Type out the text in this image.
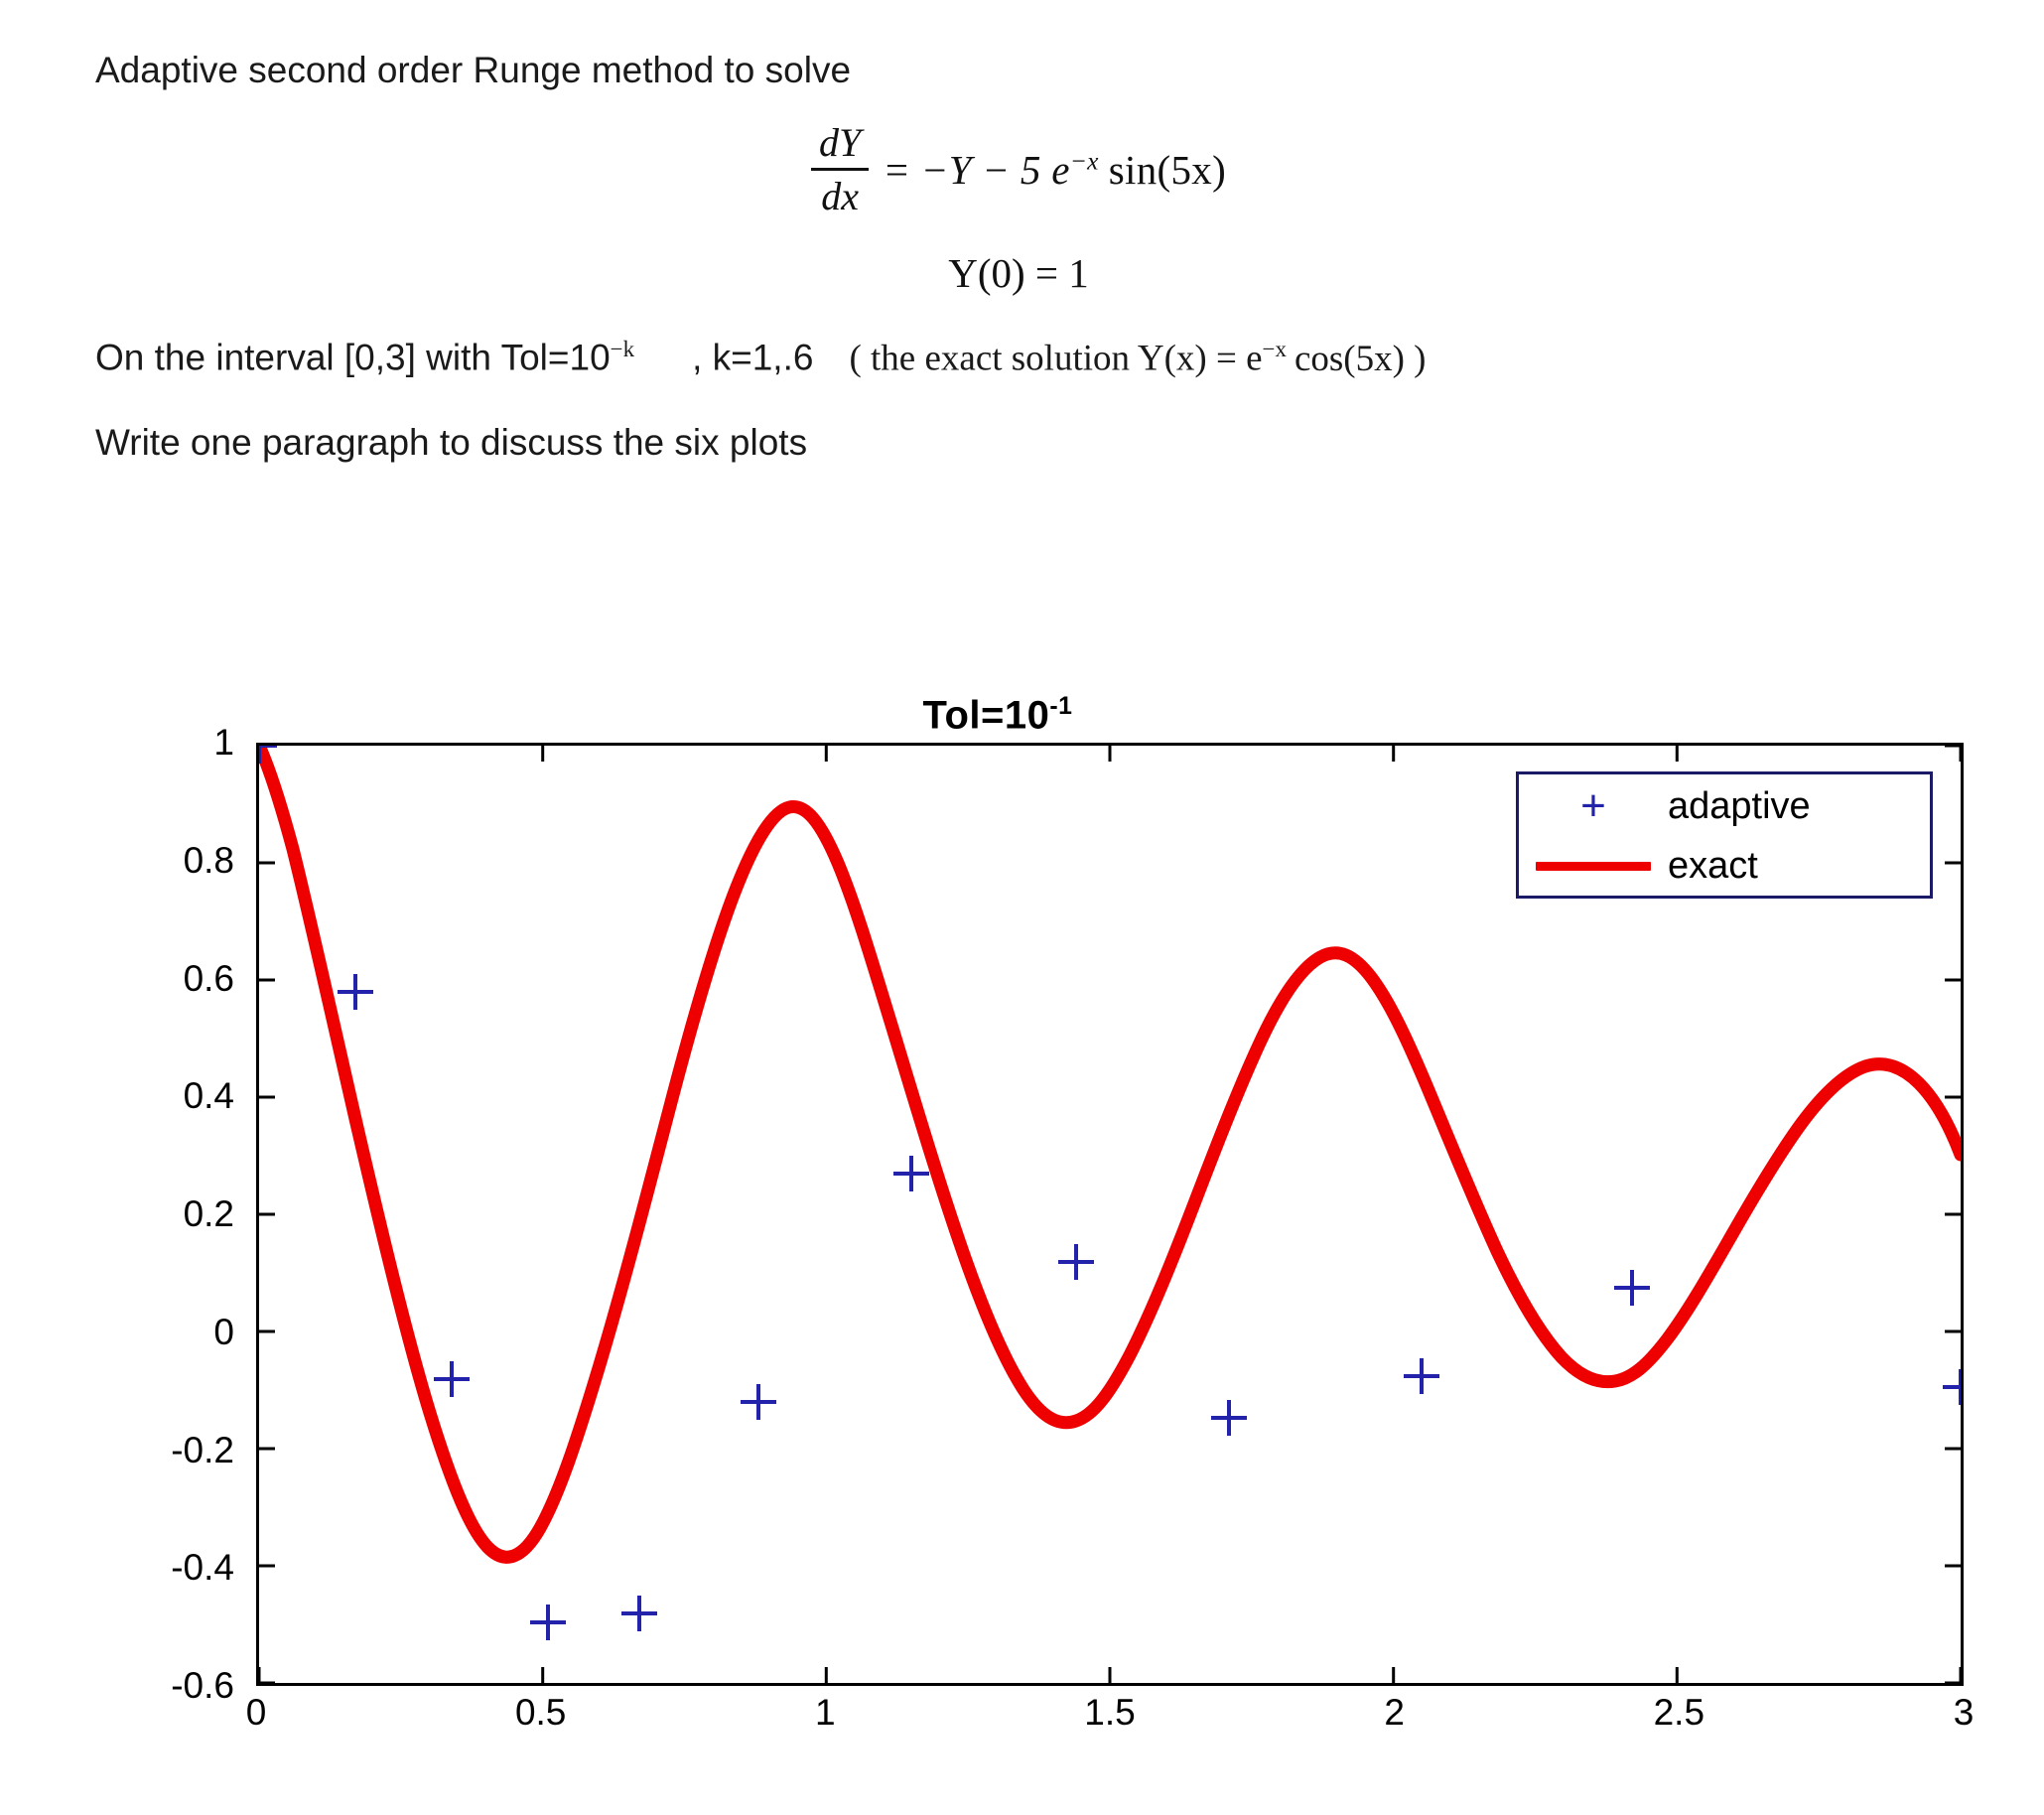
Adaptive second order Runge method to solve
$\frac{dY}{dx} = -Y - 5$ $e^{-x}$ sin(5x)
Y(0) = 1
On the interval [0,3] with $Tol=10^{-k}$ , k=1,.6 ( the exact solution $Y(x) = e^{-x}$ cos(5x) )
Write one paragraph to discuss the six plots
$Tol=10^{-1}$
1
0.8
0.6
0.4
0.2
0
-0.2
-0.4
-0.6
+ adaptive
exact
0	0.5	1	1.5	2	2.5	3
